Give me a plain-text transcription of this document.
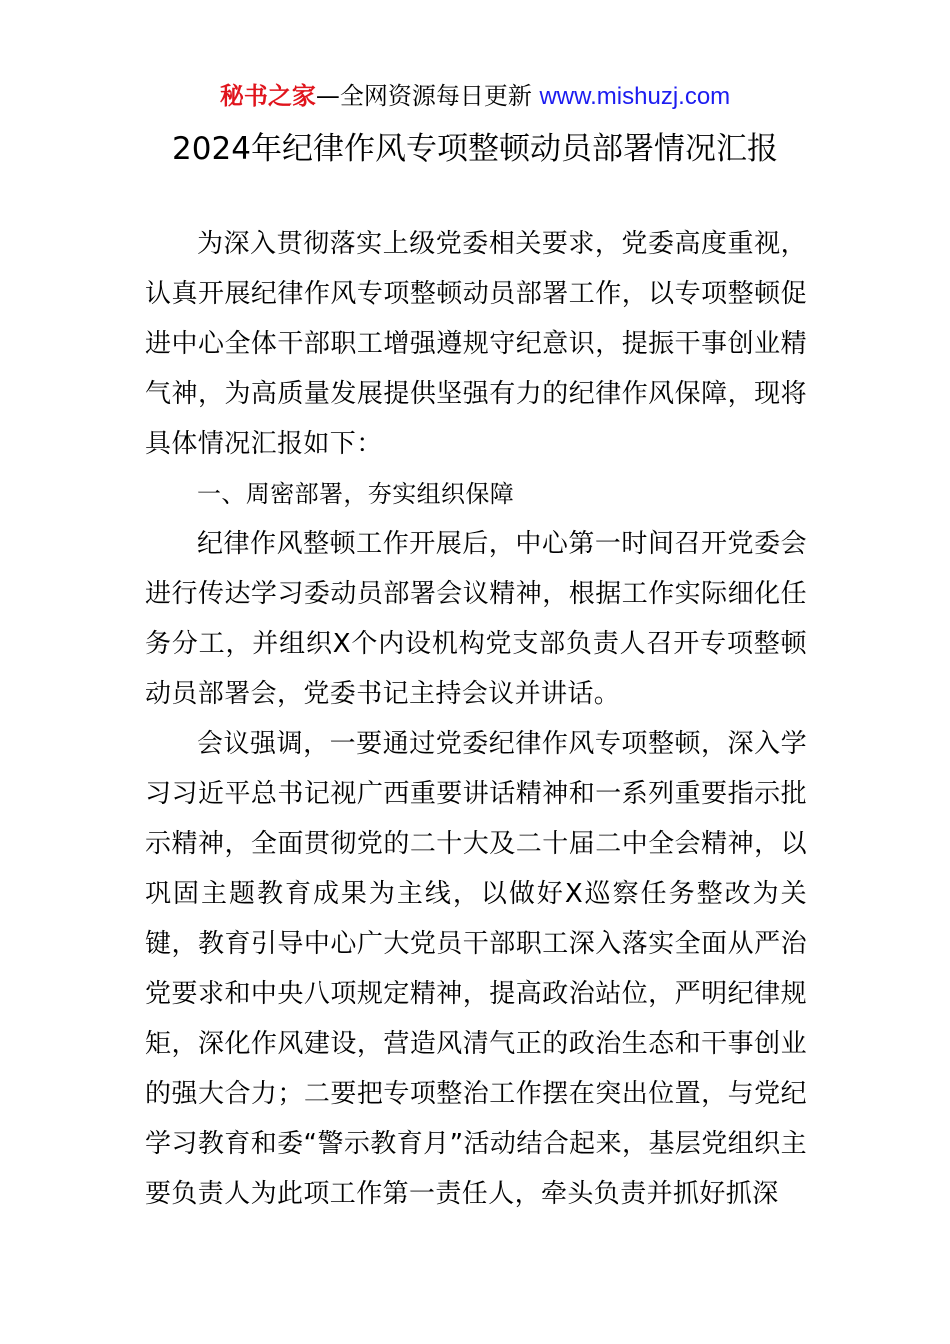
秘书之家—全网资源每日更新 www.mishuzj.com
2024年纪律作风专项整顿动员部署情况汇报

为深入贯彻落实上级党委相关要求，党委高度重视，认真开展纪律作风专项整顿动员部署工作，以专项整顿促进中心全体干部职工增强遵规守纪意识，提振干事创业精气神，为高质量发展提供坚强有力的纪律作风保障，现将具体情况汇报如下：

一、周密部署，夯实组织保障

纪律作风整顿工作开展后，中心第一时间召开党委会进行传达学习委动员部署会议精神，根据工作实际细化任务分工，并组织X个内设机构党支部负责人召开专项整顿动员部署会，党委书记主持会议并讲话。

会议强调，一要通过党委纪律作风专项整顿，深入学习习近平总书记视广西重要讲话精神和一系列重要指示批示精神，全面贯彻党的二十大及二十届二中全会精神，以巩固主题教育成果为主线，以做好X巡察任务整改为关键，教育引导中心广大党员干部职工深入落实全面从严治党要求和中央八项规定精神，提高政治站位，严明纪律规矩，深化作风建设，营造风清气正的政治生态和干事创业的强大合力；二要把专项整治工作摆在突出位置，与党纪学习教育和委“警示教育月”活动结合起来，基层党组织主要负责人为此项工作第一责任人，牵头负责并抓好抓深
